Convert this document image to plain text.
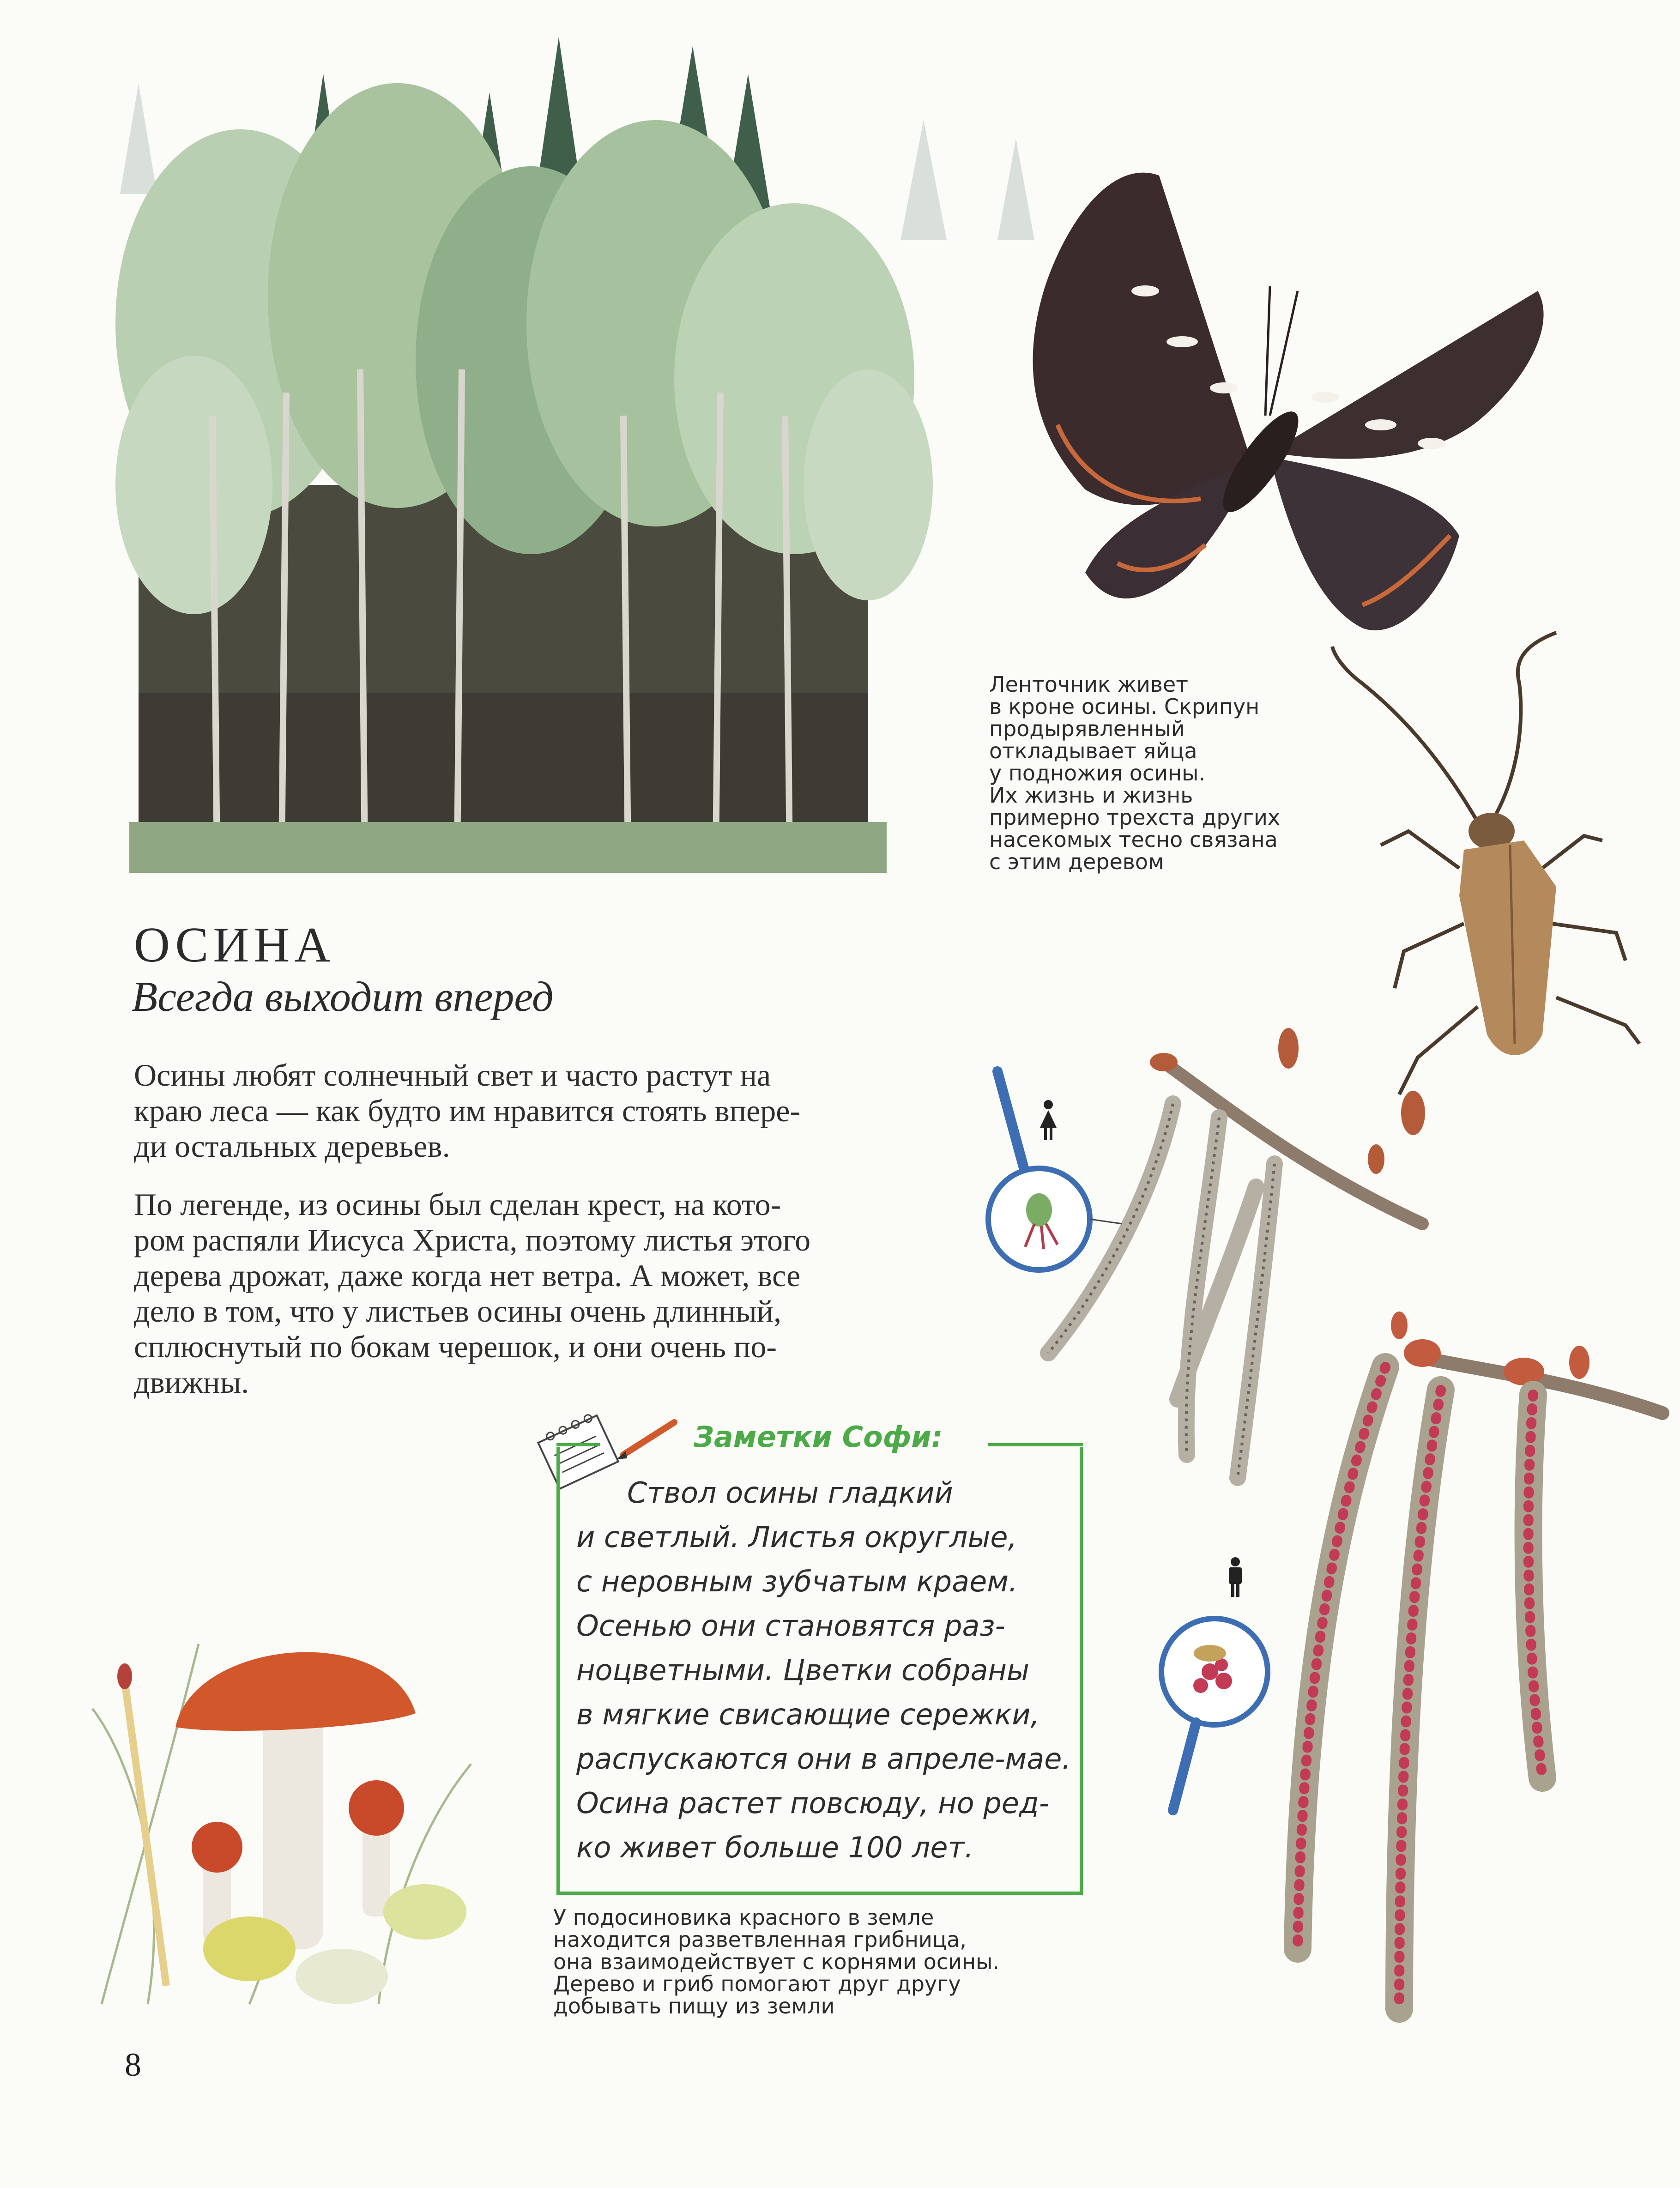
ОСИНА
Всегда выходит вперед
Осины любят солнечный свет и часто растут на
краю леса — как будто им нравится стоять впере-
ди остальных деревьев.
По легенде, из осины был сделан крест, на кото-
ром распяли Иисуса Христа, поэтому листья этого
дерева дрожат, даже когда нет ветра. А может, все
дело в том, что у листьев осины очень длинный,
сплюснутый по бокам черешок, и они очень по-
движны.
Ленточник живет
в кроне осины. Скрипун
продырявленный
откладывает яйца
у подножия осины.
Их жизнь и жизнь
примерно трехста других
насекомых тесно связана
с этим деревом
Заметки Софи:
Ствол осины гладкий
и светлый. Листья округлые,
с неровным зубчатым краем.
Осенью они становятся раз-
ноцветными. Цветки собраны
в мягкие свисающие сережки,
распускаются они в апреле-мае.
Осина растет повсюду, но ред-
ко живет больше 100 лет.
У подосиновика красного в земле
находится разветвленная грибница,
она взаимодействует с корнями осины.
Дерево и гриб помогают друг другу
добывать пищу из земли
8
